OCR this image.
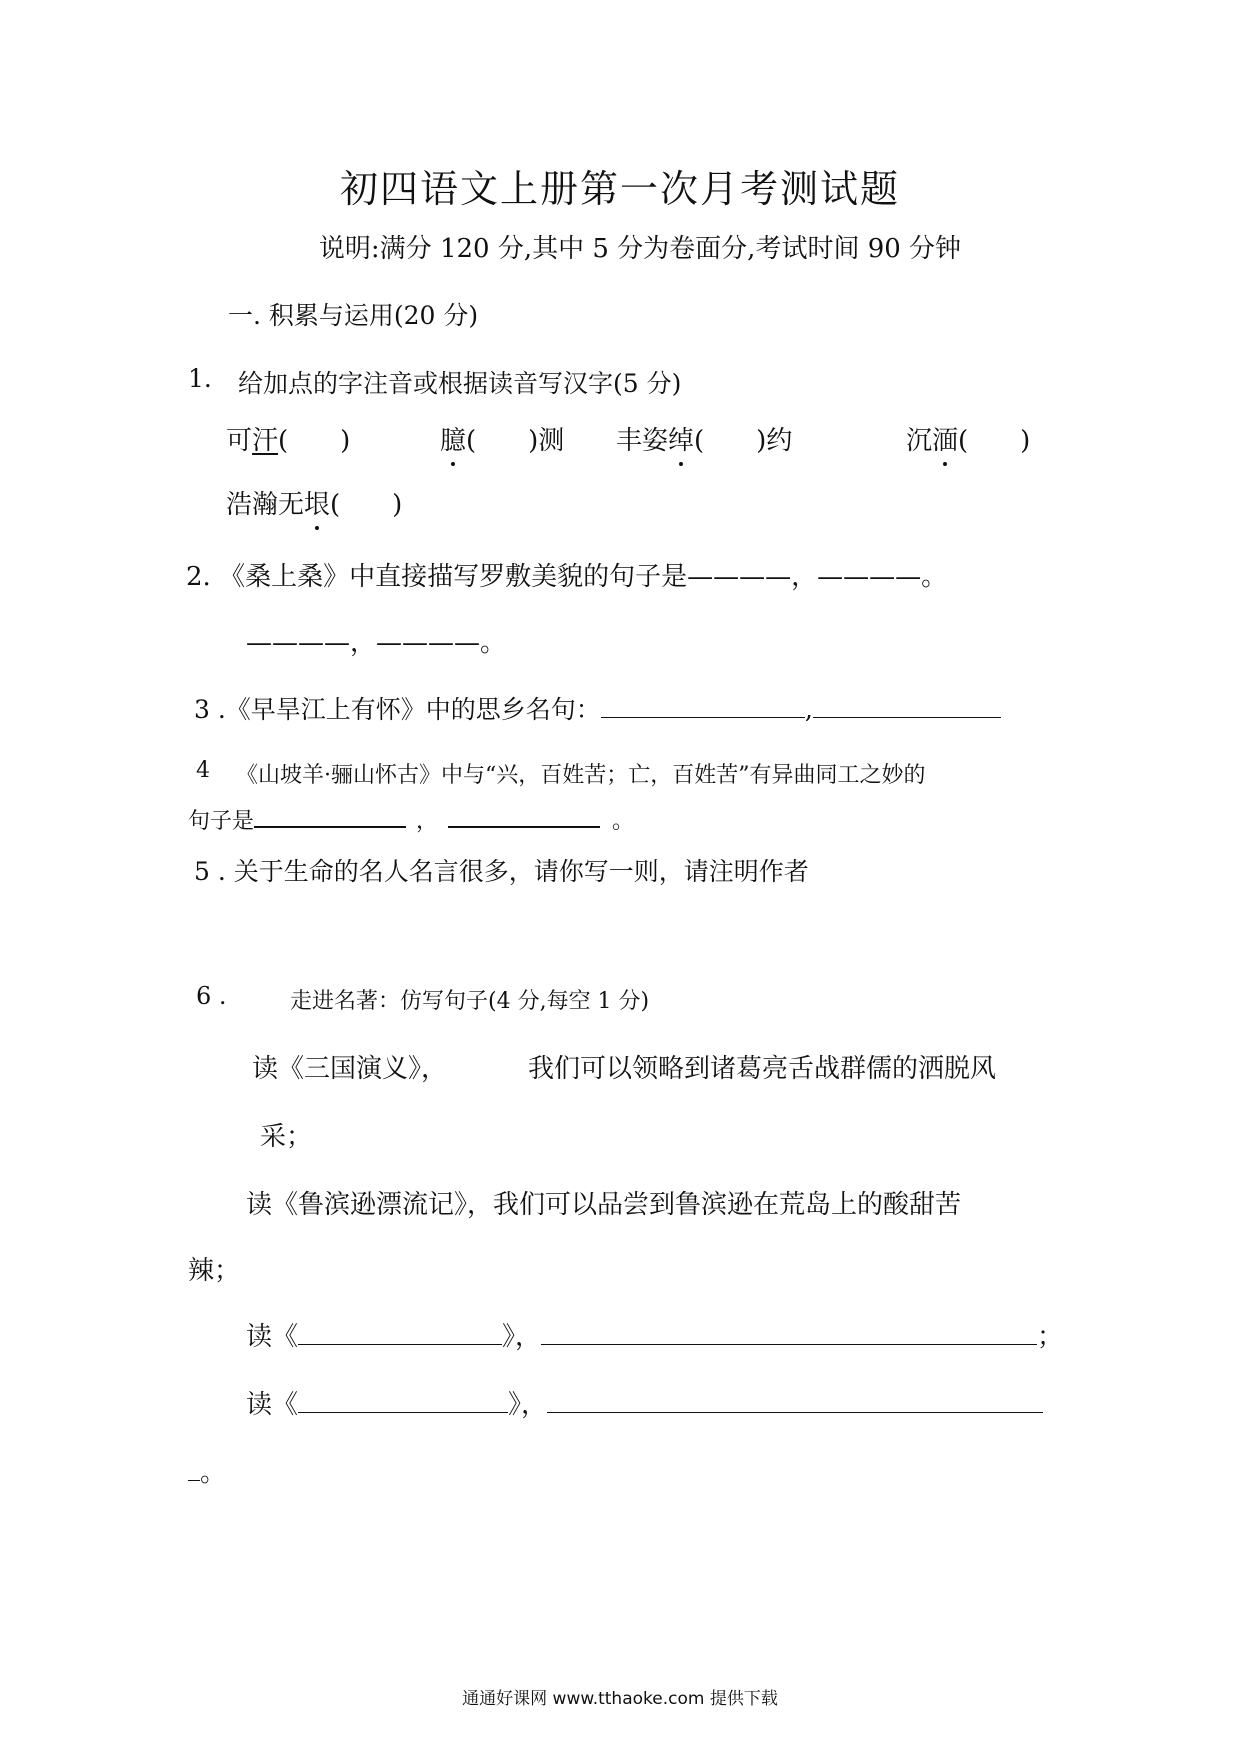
初四语文上册第一次月考测试题
说明:满分 120 分,其中 5 分为卷面分,考试时间 90 分钟
一. 积累与运用(20 分)
1. 给加点的字注音或根据读音写汉字(5 分)
可汗(　　)	臆(　　)测 丰姿绰(　　)约	沉湎(　　)
浩瀚无垠(　　)
2. 《桑上桑》中直接描写罗敷美貌的句子是————，————。
————，————。
3 .《早旱江上有怀》中的思乡名句：	,
4 《山坡羊·骊山怀古》中与“兴，百姓苦；亡，百姓苦”有异曲同工之妙的
句子是	，	。
5 . 关于生命的名人名言很多，请你写一则，请注明作者
6 .	走进名著：仿写句子(4 分,每空 1 分)
读《三国演义》，	我们可以领略到诸葛亮舌战群儒的洒脱风
采；
读《鲁滨逊漂流记》，我们可以品尝到鲁滨逊在荒岛上的酸甜苦
辣；
读《	》，	；
读《	》，
。
通通好课网 www.tthaoke.com 提供下载
